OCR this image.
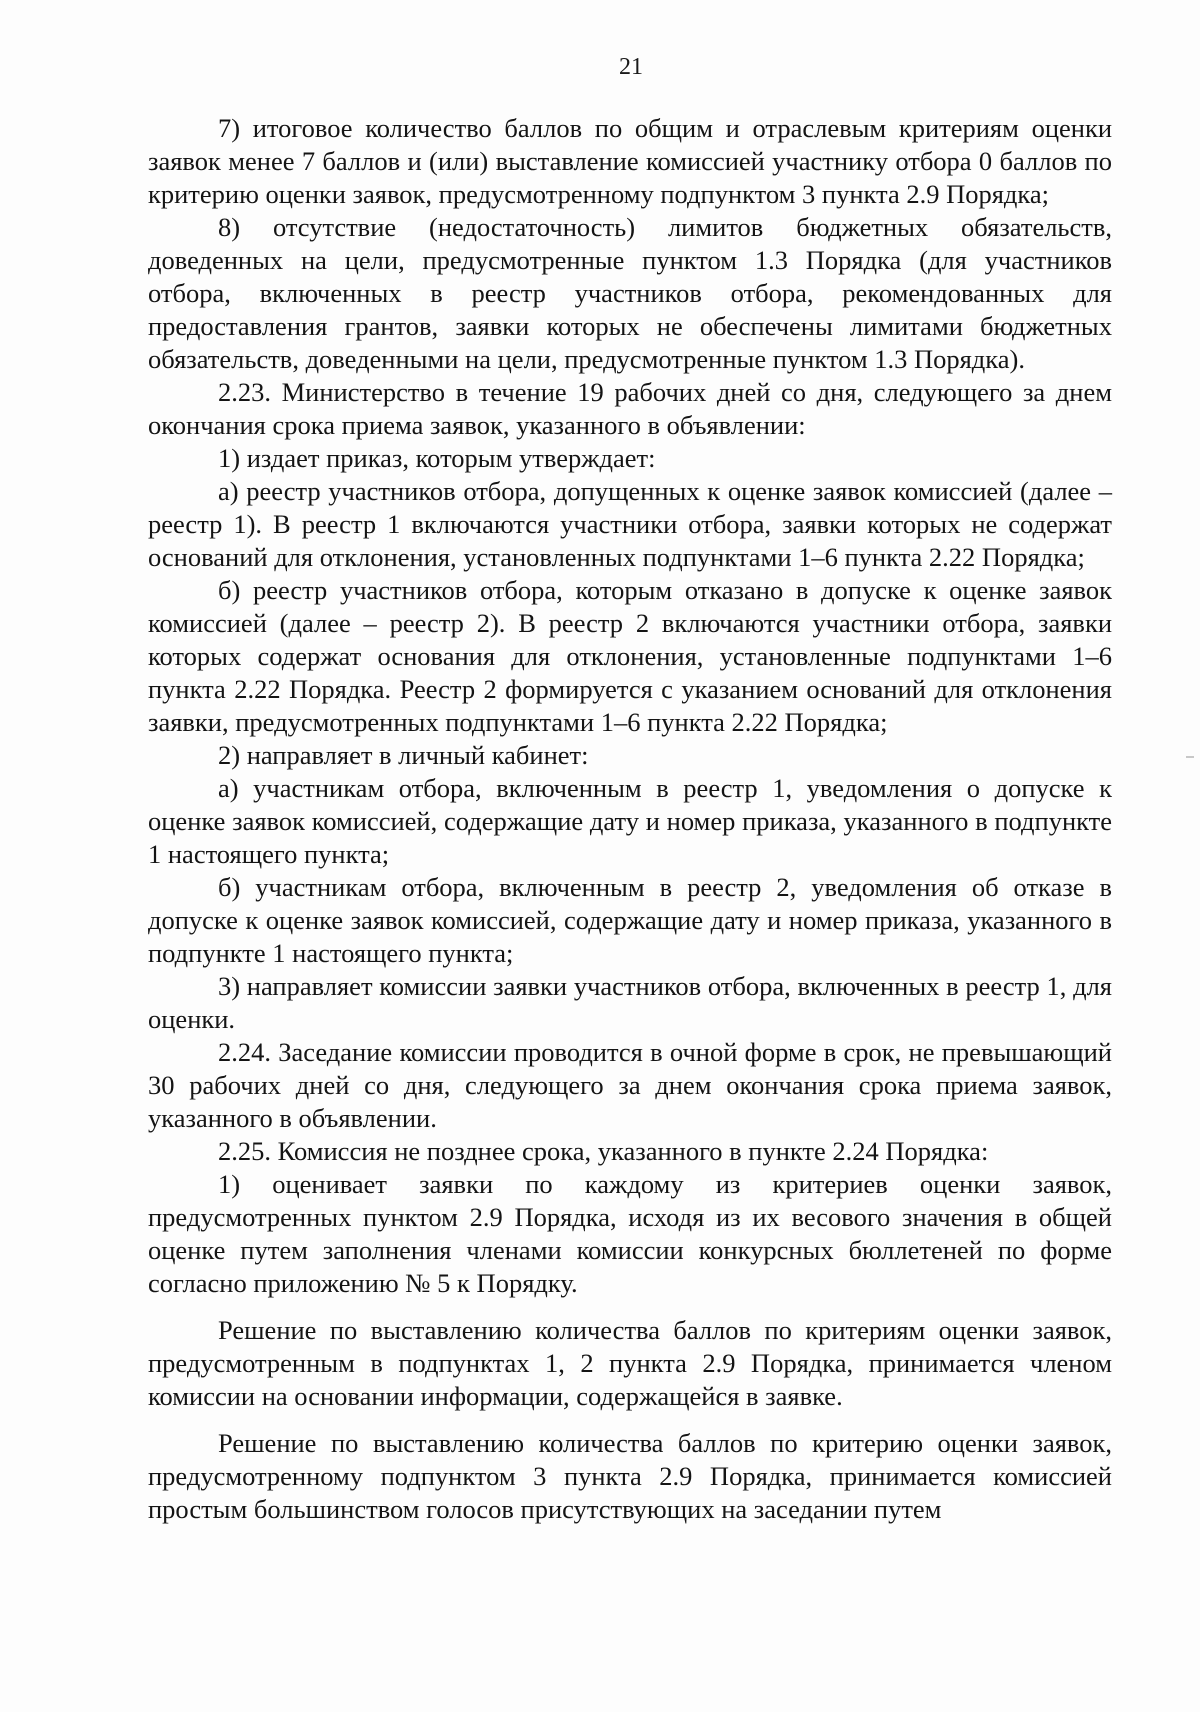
21

7) итоговое количество баллов по общим и отраслевым критериям оценки заявок менее 7 баллов и (или) выставление комиссией участнику отбора 0 баллов по критерию оценки заявок, предусмотренному подпунктом 3 пункта 2.9 Порядка;

8) отсутствие (недостаточность) лимитов бюджетных обязательств, доведенных на цели, предусмотренные пунктом 1.3 Порядка (для участников отбора, включенных в реестр участников отбора, рекомендованных для предоставления грантов, заявки которых не обеспечены лимитами бюджетных обязательств, доведенными на цели, предусмотренные пунктом 1.3 Порядка).

2.23. Министерство в течение 19 рабочих дней со дня, следующего за днем окончания срока приема заявок, указанного в объявлении:

1) издает приказ, которым утверждает:

а) реестр участников отбора, допущенных к оценке заявок комиссией (далее – реестр 1). В реестр 1 включаются участники отбора, заявки которых не содержат оснований для отклонения, установленных подпунктами 1–6 пункта 2.22 Порядка;

б) реестр участников отбора, которым отказано в допуске к оценке заявок комиссией (далее – реестр 2). В реестр 2 включаются участники отбора, заявки которых содержат основания для отклонения, установленные подпунктами 1–6 пункта 2.22 Порядка. Реестр 2 формируется с указанием оснований для отклонения заявки, предусмотренных подпунктами 1–6 пункта 2.22 Порядка;

2) направляет в личный кабинет:

а) участникам отбора, включенным в реестр 1, уведомления о допуске к оценке заявок комиссией, содержащие дату и номер приказа, указанного в подпункте 1 настоящего пункта;

б) участникам отбора, включенным в реестр 2, уведомления об отказе в допуске к оценке заявок комиссией, содержащие дату и номер приказа, указанного в подпункте 1 настоящего пункта;

3) направляет комиссии заявки участников отбора, включенных в реестр 1, для оценки.

2.24. Заседание комиссии проводится в очной форме в срок, не превышающий 30 рабочих дней со дня, следующего за днем окончания срока приема заявок, указанного в объявлении.

2.25. Комиссия не позднее срока, указанного в пункте 2.24 Порядка:

1) оценивает заявки по каждому из критериев оценки заявок, предусмотренных пунктом 2.9 Порядка, исходя из их весового значения в общей оценке путем заполнения членами комиссии конкурсных бюллетеней по форме согласно приложению № 5 к Порядку.

Решение по выставлению количества баллов по критериям оценки заявок, предусмотренным в подпунктах 1, 2 пункта 2.9 Порядка, принимается членом комиссии на основании информации, содержащейся в заявке.

Решение по выставлению количества баллов по критерию оценки заявок, предусмотренному подпунктом 3 пункта 2.9 Порядка, принимается комиссией простым большинством голосов присутствующих на заседании путем
